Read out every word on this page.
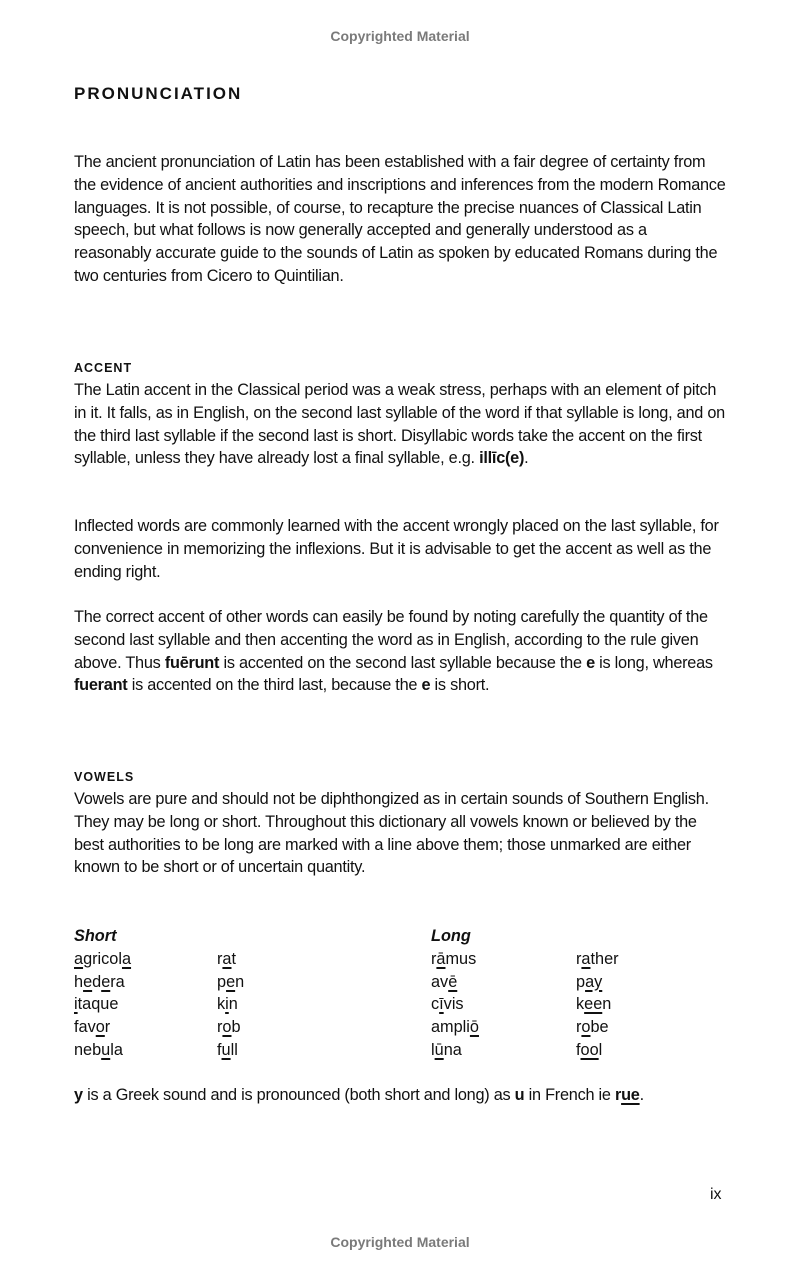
Copyrighted Material
PRONUNCIATION

The ancient pronunciation of Latin has been established with a fair degree of certainty from the evidence of ancient authorities and inscriptions and inferences from the modern Romance languages. It is not possible, of course, to recapture the precise nuances of Classical Latin speech, but what follows is now generally accepted and generally understood as a reasonably accurate guide to the sounds of Latin as spoken by educated Romans during the two centuries from Cicero to Quintilian.

ACCENT

The Latin accent in the Classical period was a weak stress, perhaps with an element of pitch in it. It falls, as in English, on the second last syllable of the word if that syllable is long, and on the third last syllable if the second last is short. Disyllabic words take the accent on the first syllable, unless they have already lost a final syllable, e.g. illīc(e).

Inflected words are commonly learned with the accent wrongly placed on the last syllable, for convenience in memorizing the inflexions. But it is advisable to get the accent as well as the ending right.

The correct accent of other words can easily be found by noting carefully the quantity of the second last syllable and then accenting the word as in English, according to the rule given above. Thus fuērunt is accented on the second last syllable because the e is long, whereas fuerant is accented on the third last, because the e is short.

VOWELS

Vowels are pure and should not be diphthongized as in certain sounds of Southern English. They may be long or short. Throughout this dictionary all vowels known or believed by the best authorities to be long are marked with a line above them; those unmarked are either known to be short or of uncertain quantity.

Short
agricola
hedera
itaque
favor
nebula

rat
pen
kin
rob
full
Long
rāmus
avē
cīvis
ampliō
lūna

rather
pay
keen
robe
fool

y is a Greek sound and is pronounced (both short and long) as u in French ie rue.

ix
Copyrighted Material
